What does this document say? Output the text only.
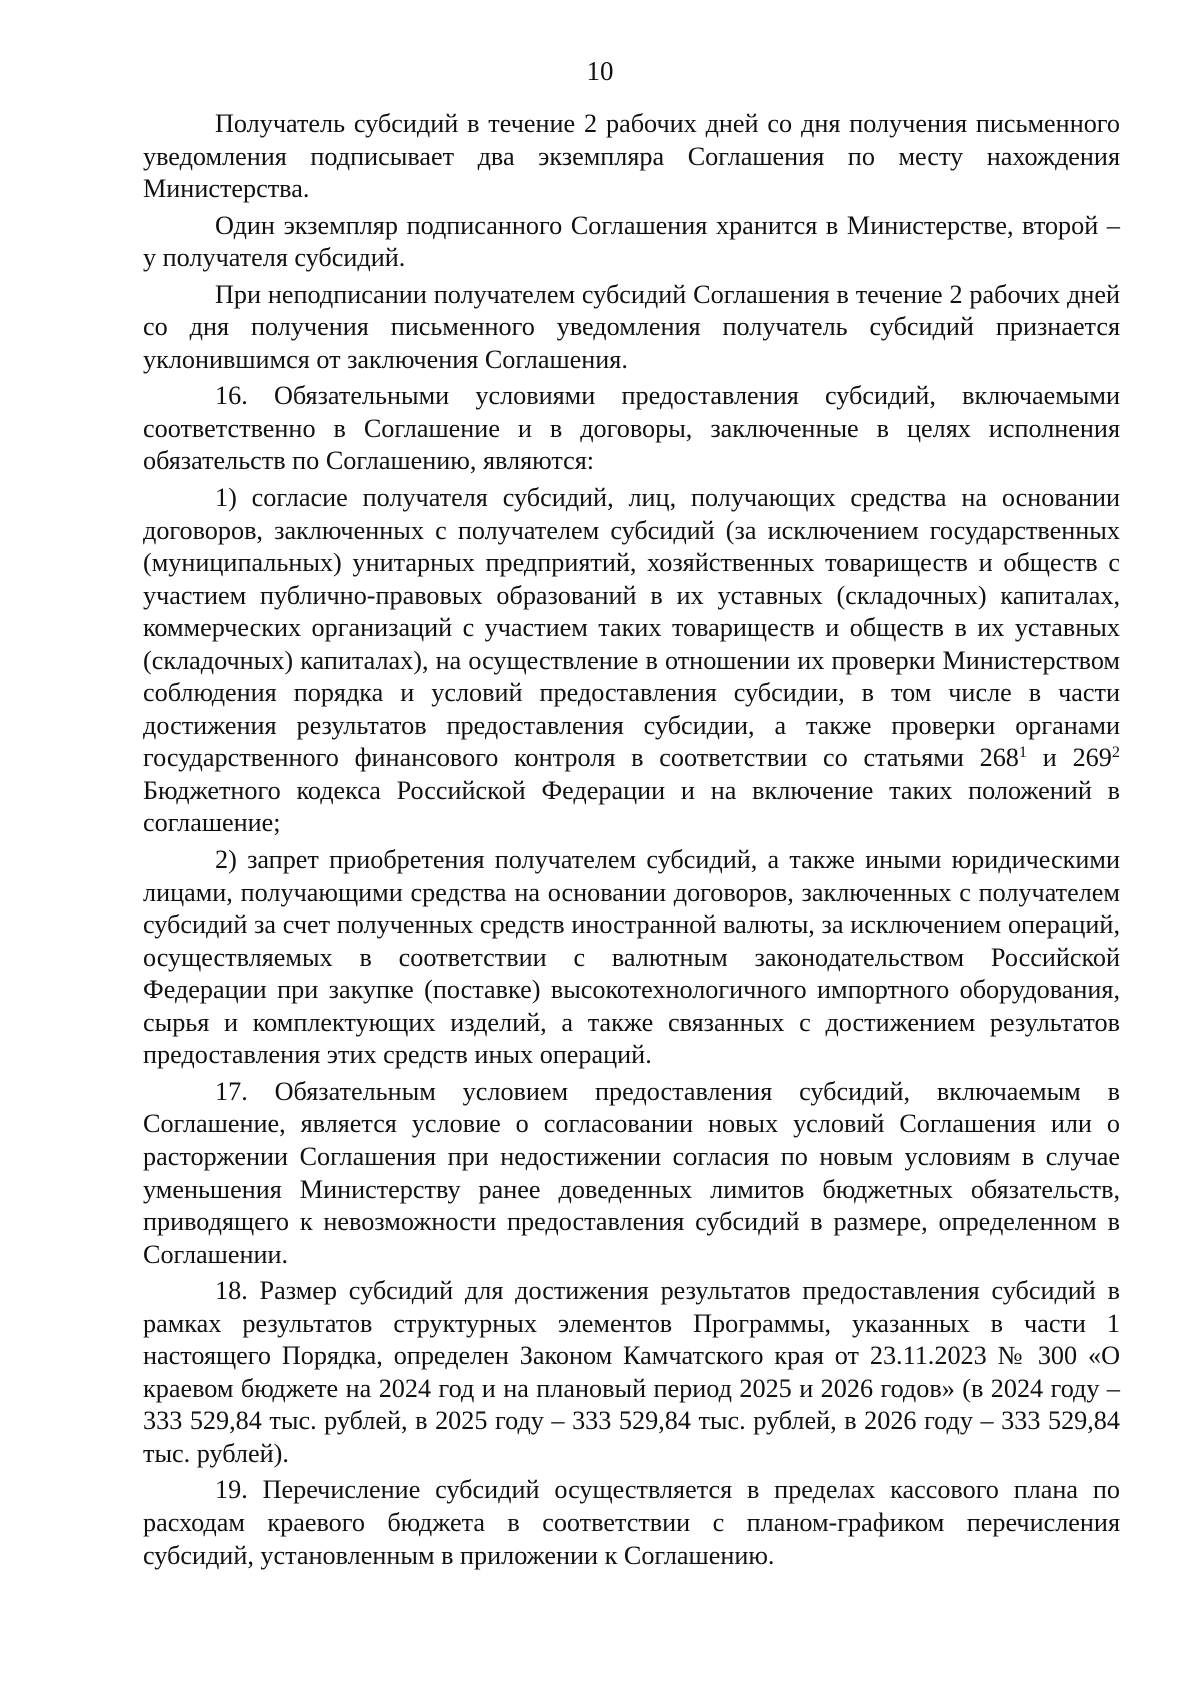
10

Получатель субсидий в течение 2 рабочих дней со дня получения письменного уведомления подписывает два экземпляра Соглашения по месту нахождения Министерства.

Один экземпляр подписанного Соглашения хранится в Министерстве, второй – у получателя субсидий.

При неподписании получателем субсидий Соглашения в течение 2 рабочих дней со дня получения письменного уведомления получатель субсидий признается уклонившимся от заключения Соглашения.

16. Обязательными условиями предоставления субсидий, включаемыми соответственно в Соглашение и в договоры, заключенные в целях исполнения обязательств по Соглашению, являются:

1) согласие получателя субсидий, лиц, получающих средства на основании договоров, заключенных с получателем субсидий (за исключением государственных (муниципальных) унитарных предприятий, хозяйственных товариществ и обществ с участием публично-правовых образований в их уставных (складочных) капиталах, коммерческих организаций с участием таких товариществ и обществ в их уставных (складочных) капиталах), на осуществление в отношении их проверки Министерством соблюдения порядка и условий предоставления субсидии, в том числе в части достижения результатов предоставления субсидии, а также проверки органами государственного финансового контроля в соответствии со статьями $268^1$ и $269^2$ Бюджетного кодекса Российской Федерации и на включение таких положений в соглашение;

2) запрет приобретения получателем субсидий, а также иными юридическими лицами, получающими средства на основании договоров, заключенных с получателем субсидий за счет полученных средств иностранной валюты, за исключением операций, осуществляемых в соответствии с валютным законодательством Российской Федерации при закупке (поставке) высокотехнологичного импортного оборудования, сырья и комплектующих изделий, а также связанных с достижением результатов предоставления этих средств иных операций.

17. Обязательным условием предоставления субсидий, включаемым в Соглашение, является условие о согласовании новых условий Соглашения или о расторжении Соглашения при недостижении согласия по новым условиям в случае уменьшения Министерству ранее доведенных лимитов бюджетных обязательств, приводящего к невозможности предоставления субсидий в размере, определенном в Соглашении.

18. Размер субсидий для достижения результатов предоставления субсидий в рамках результатов структурных элементов Программы, указанных в части 1 настоящего Порядка, определен Законом Камчатского края от 23.11.2023 № 300 «О краевом бюджете на 2024 год и на плановый период 2025 и 2026 годов» (в 2024 году – 333 529,84 тыс. рублей, в 2025 году – 333 529,84 тыс. рублей, в 2026 году – 333 529,84 тыс. рублей).

19. Перечисление субсидий осуществляется в пределах кассового плана по расходам краевого бюджета в соответствии с планом-графиком перечисления субсидий, установленным в приложении к Соглашению.
